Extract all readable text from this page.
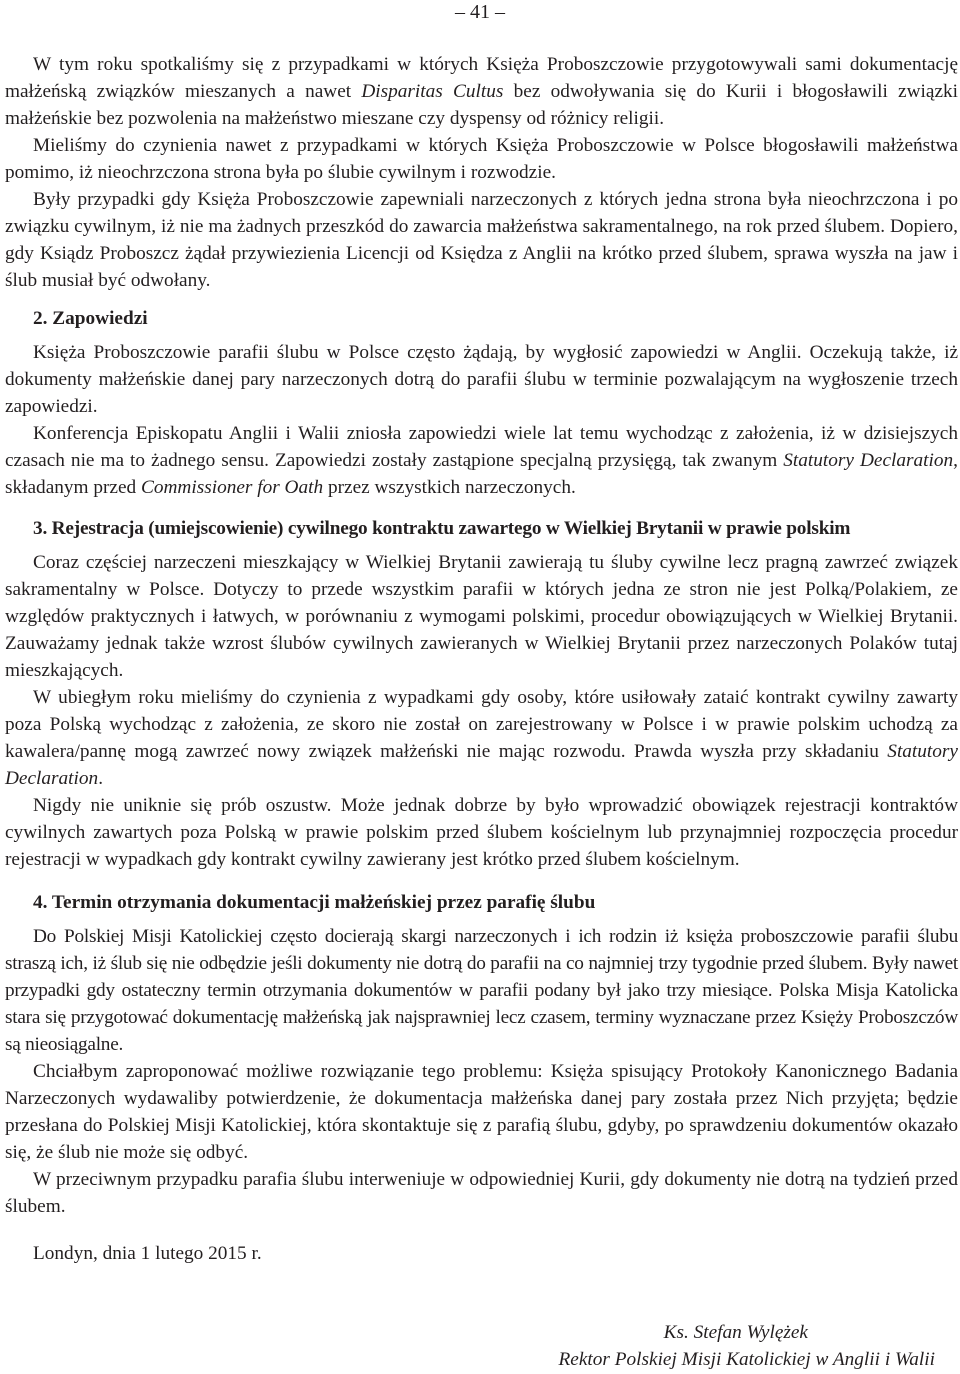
– 41 –

W tym roku spotkaliśmy się z przypadkami w których Księża Proboszczowie przygotowywali sami dokumentację małżeńską związków mieszanych a nawet Disparitas Cultus bez odwoływania się do Kurii i błogosławili związki małżeńskie bez pozwolenia na małżeństwo mieszane czy dyspensy od różnicy religii.

Mieliśmy do czynienia nawet z przypadkami w których Księża Proboszczowie w Polsce błogosławili małżeństwa pomimo, iż nieochrzczona strona była po ślubie cywilnym i rozwodzie.

Były przypadki gdy Księża Proboszczowie zapewniali narzeczonych z których jedna strona była nieochrzczona i po związku cywilnym, iż nie ma żadnych przeszkód do zawarcia małżeństwa sakramentalnego, na rok przed ślubem. Dopiero, gdy Ksiądz Proboszcz żądał przywiezienia Licencji od Księdza z Anglii na krótko przed ślubem, sprawa wyszła na jaw i ślub musiał być odwołany.

2. Zapowiedzi

Księża Proboszczowie parafii ślubu w Polsce często żądają, by wygłosić zapowiedzi w Anglii. Oczekują także, iż dokumenty małżeńskie danej pary narzeczonych dotrą do parafii ślubu w terminie pozwalającym na wygłoszenie trzech zapowiedzi.

Konferencja Episkopatu Anglii i Walii zniosła zapowiedzi wiele lat temu wychodząc z założenia, iż w dzisiejszych czasach nie ma to żadnego sensu. Zapowiedzi zostały zastąpione specjalną przysięgą, tak zwanym Statutory Declaration, składanym przed Commissioner for Oath przez wszystkich narzeczonych.

3. Rejestracja (umiejscowienie) cywilnego kontraktu zawartego w Wielkiej Brytanii w prawie polskim

Coraz częściej narzeczeni mieszkający w Wielkiej Brytanii zawierają tu śluby cywilne lecz pragną zawrzeć związek sakramentalny w Polsce. Dotyczy to przede wszystkim parafii w których jedna ze stron nie jest Polką/Polakiem, ze względów praktycznych i łatwych, w porównaniu z wymogami polskimi, procedur obowiązujących w Wielkiej Brytanii. Zauważamy jednak także wzrost ślubów cywilnych zawieranych w Wielkiej Brytanii przez narzeczonych Polaków tutaj mieszkających.

W ubiegłym roku mieliśmy do czynienia z wypadkami gdy osoby, które usiłowały zataić kontrakt cywilny zawarty poza Polską wychodząc z założenia, ze skoro nie został on zarejestrowany w Polsce i w prawie polskim uchodzą za kawalera/pannę mogą zawrzeć nowy związek małżeński nie mając rozwodu. Prawda wyszła przy składaniu Statutory Declaration.

Nigdy nie uniknie się prób oszustw. Może jednak dobrze by było wprowadzić obowiązek rejestracji kontraktów cywilnych zawartych poza Polską w prawie polskim przed ślubem kościelnym lub przynajmniej rozpoczęcia procedur rejestracji w wypadkach gdy kontrakt cywilny zawierany jest krótko przed ślubem kościelnym.

4. Termin otrzymania dokumentacji małżeńskiej przez parafię ślubu

Do Polskiej Misji Katolickiej często docierają skargi narzeczonych i ich rodzin iż księża proboszczowie parafii ślubu straszą ich, iż ślub się nie odbędzie jeśli dokumenty nie dotrą do parafii na co najmniej trzy tygodnie przed ślubem. Były nawet przypadki gdy ostateczny termin otrzymania dokumentów w parafii podany był jako trzy miesiące. Polska Misja Katolicka stara się przygotować dokumentację małżeńską jak najsprawniej lecz czasem, terminy wyznaczane przez Księży Proboszczów są nieosiągalne.

Chciałbym zaproponować możliwe rozwiązanie tego problemu: Księża spisujący Protokoły Kanonicznego Badania Narzeczonych wydawaliby potwierdzenie, że dokumentacja małżeńska danej pary została przez Nich przyjęta; będzie przesłana do Polskiej Misji Katolickiej, która skontaktuje się z parafią ślubu, gdyby, po sprawdzeniu dokumentów okazało się, że ślub nie może się odbyć.

W przeciwnym przypadku parafia ślubu interweniuje w odpowiedniej Kurii, gdy dokumenty nie dotrą na tydzień przed ślubem.

Londyn, dnia 1 lutego 2015 r.
Ks. Stefan Wylężek
Rektor Polskiej Misji Katolickiej w Anglii i Walii
